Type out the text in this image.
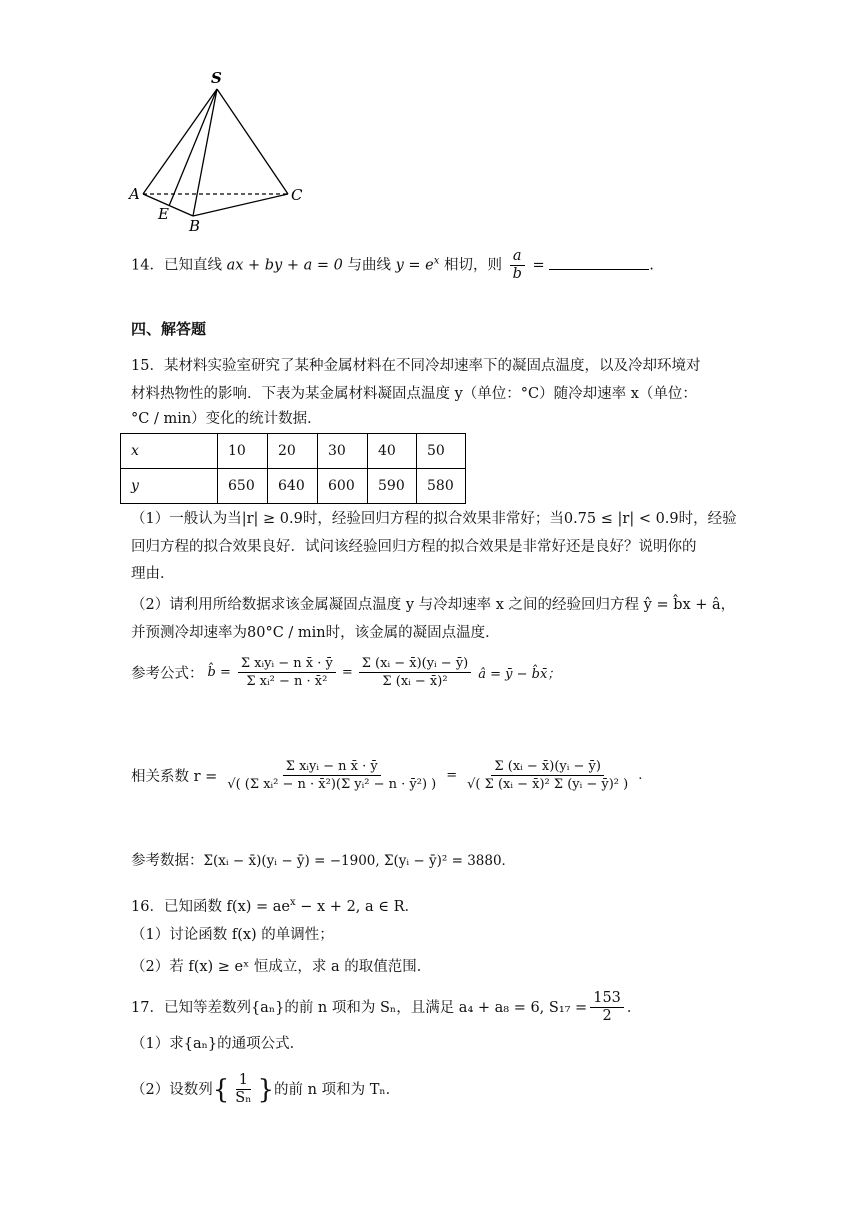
S
A
E
B
C
14．已知直线 ax + by + a = 0 与曲线 $y = e^x$ 相切，则 $\frac{a}{b}$ =	.
四、解答题
15．某材料实验室研究了某种金属材料在不同冷却速率下的凝固点温度，以及冷却环境对
材料热物性的影响．下表为某金属材料凝固点温度 y（单位：°C）随冷却速率 x（单位：
°C / min）变化的统计数据．
x	10	20	30	40	50
y	650	640	600	590	580
（1）一般认为当|r| ≥ 0.9时，经验回归方程的拟合效果非常好；当0.75 ≤ |r| < 0.9时，经验
回归方程的拟合效果良好．试问该经验回归方程的拟合效果是非常好还是良好？说明你的
理由．
（2）请利用所给数据求该金属凝固点温度 y 与冷却速率 x 之间的经验回归方程 ŷ = b̂x + â，
并预测冷却速率为80°C / min时，该金属的凝固点温度．
参考公式： b̂ = $\frac{\text{Σ xᵢyᵢ − n x̄ · ȳ}}{\text{Σ xᵢ² − n · x̄²}} = \frac{\text{Σ (xᵢ − x̄)(yᵢ − ȳ)}}{\text{Σ (xᵢ − x̄)²}}$ â = ȳ − b̂x̄；
相关系数 $r = \frac{\text{Σ xᵢyᵢ − n x̄ · ȳ}}{\text{√( (Σ xᵢ² − n · x̄²)(Σ yᵢ² − n · ȳ²) )}} = \frac{\text{Σ (xᵢ − x̄)(yᵢ − ȳ)}}{\text{√( Σ (xᵢ − x̄)² Σ (yᵢ − ȳ)² )}}$ .
参考数据：Σ(xᵢ − x̄)(yᵢ − ȳ) = −1900, Σ(yᵢ − ȳ)² = 3880．
16．已知函数 $f(x) = ae^x - x + 2$, a ∈ R．
（1）讨论函数 f(x) 的单调性；
（2）若 f(x) ≥ eˣ 恒成立，求 a 的取值范围．
17．已知等差数列{aₙ}的前 n 项和为 Sₙ，且满足 a₄ + a₈ = 6, $S_{17} = \frac{153}{2}$ ．
（1）求{aₙ}的通项公式．
（2）设数列 { $\frac{1}{\text{Sₙ}}$ } 的前 n 项和为 Tₙ．
